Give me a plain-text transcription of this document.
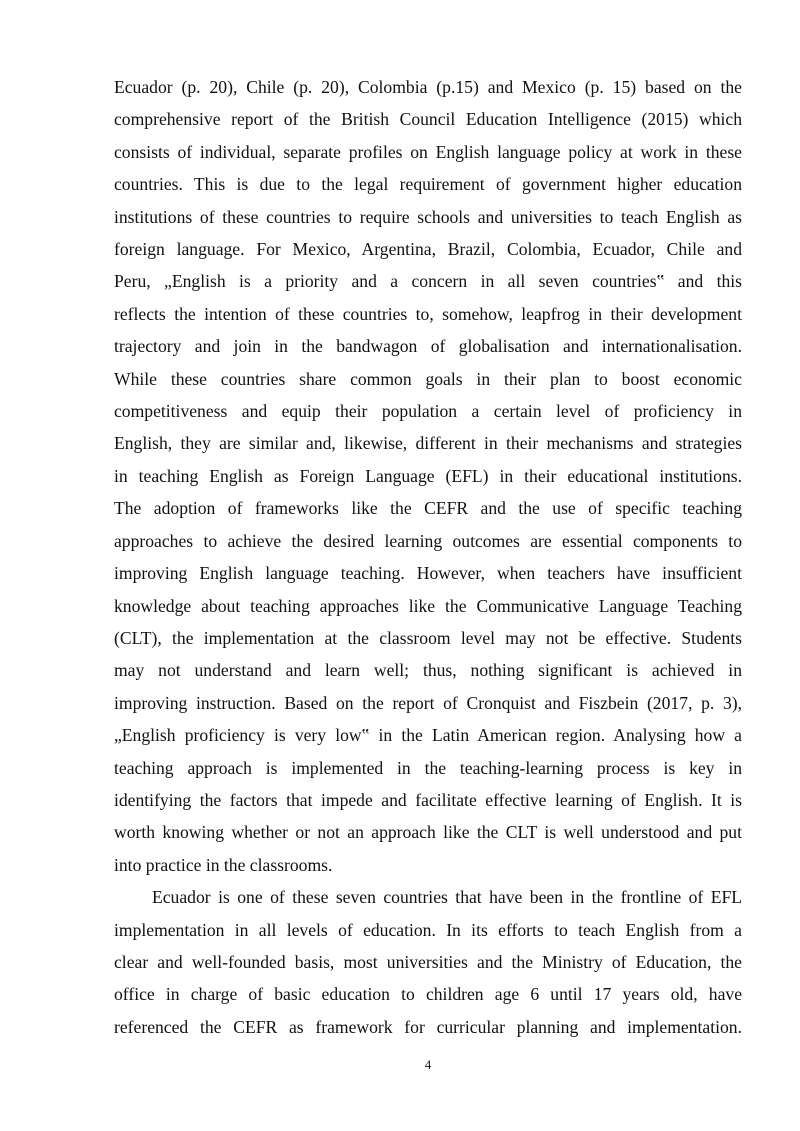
Ecuador (p. 20), Chile (p. 20), Colombia (p.15) and Mexico (p. 15) based on the
comprehensive report of the British Council Education Intelligence (2015) which
consists of individual, separate profiles on English language policy at work in these
countries. This is due to the legal requirement of government higher education
institutions of these countries to require schools and universities to teach English as
foreign language. For Mexico, Argentina, Brazil, Colombia, Ecuador, Chile and
Peru, „English is a priority and a concern in all seven countries‟ and this
reflects the intention of these countries to, somehow, leapfrog in their development
trajectory and join in the bandwagon of globalisation and internationalisation.
While these countries share common goals in their plan to boost economic
competitiveness and equip their population a certain level of proficiency in
English, they are similar and, likewise, different in their mechanisms and strategies
in teaching English as Foreign Language (EFL) in their educational institutions.
The adoption of frameworks like the CEFR and the use of specific teaching
approaches to achieve the desired learning outcomes are essential components to
improving English language teaching. However, when teachers have insufficient
knowledge about teaching approaches like the Communicative Language Teaching
(CLT), the implementation at the classroom level may not be effective. Students
may not understand and learn well; thus, nothing significant is achieved in
improving instruction. Based on the report of Cronquist and Fiszbein (2017, p. 3),
„English proficiency is very low‟ in the Latin American region. Analysing how a
teaching approach is implemented in the teaching-learning process is key in
identifying the factors that impede and facilitate effective learning of English. It is
worth knowing whether or not an approach like the CLT is well understood and put
into practice in the classrooms.

Ecuador is one of these seven countries that have been in the frontline of EFL
implementation in all levels of education. In its efforts to teach English from a
clear and well-founded basis, most universities and the Ministry of Education, the
office in charge of basic education to children age 6 until 17 years old, have
referenced the CEFR as framework for curricular planning and implementation.

4
